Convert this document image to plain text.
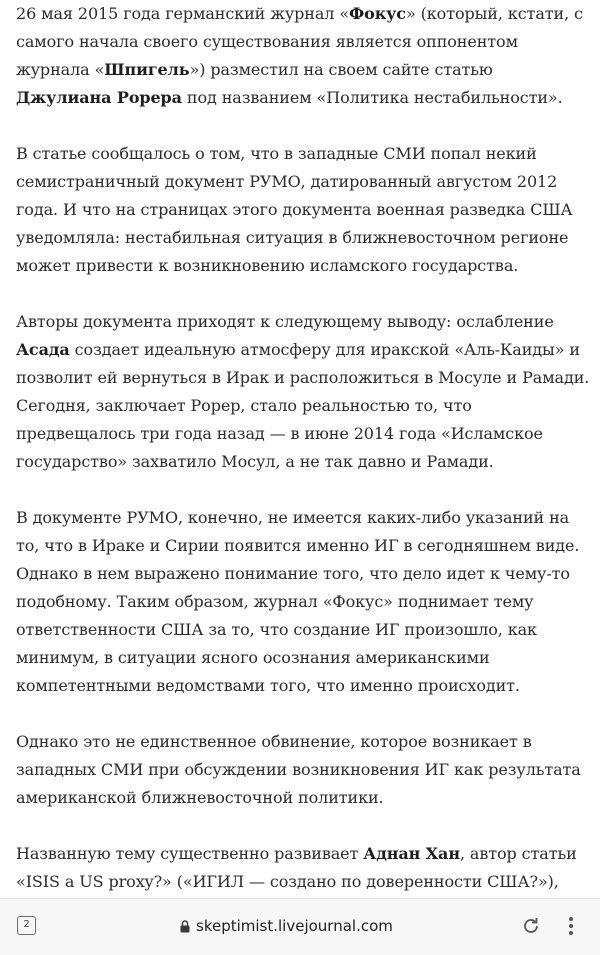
26 мая 2015 года германский журнал «Фокус» (который, кстати, с самого начала своего существования является оппонентом журнала «Шпигель») разместил на своем сайте статью Джулиана Рорера под названием «Политика нестабильности».

В статье сообщалось о том, что в западные СМИ попал некий семистраничный документ РУМО, датированный августом 2012 года. И что на страницах этого документа военная разведка США уведомляла: нестабильная ситуация в ближневосточном регионе может привести к возникновению исламского государства.

Авторы документа приходят к следующему выводу: ослабление Асада создает идеальную атмосферу для иракской «Аль-Каиды» и позволит ей вернуться в Ирак и расположиться в Мосуле и Рамади. Сегодня, заключает Рорер, стало реальностью то, что предвещалось три года назад — в июне 2014 года «Исламское государство» захватило Мосул, а не так давно и Рамади.

В документе РУМО, конечно, не имеется каких-либо указаний на то, что в Ираке и Сирии появится именно ИГ в сегодняшнем виде. Однако в нем выражено понимание того, что дело идет к чему-то подобному. Таким образом, журнал «Фокус» поднимает тему ответственности США за то, что создание ИГ произошло, как минимум, в ситуации ясного осознания американскими компетентными ведомствами того, что именно происходит.

Однако это не единственное обвинение, которое возникает в западных СМИ при обсуждении возникновения ИГ как результата американской ближневосточной политики.

Названную тему существенно развивает Аднан Хан, автор статьи «ISIS a US proxy?» («ИГИЛ — создано по доверенности США?»),

2	skeptimist.livejournal.com
